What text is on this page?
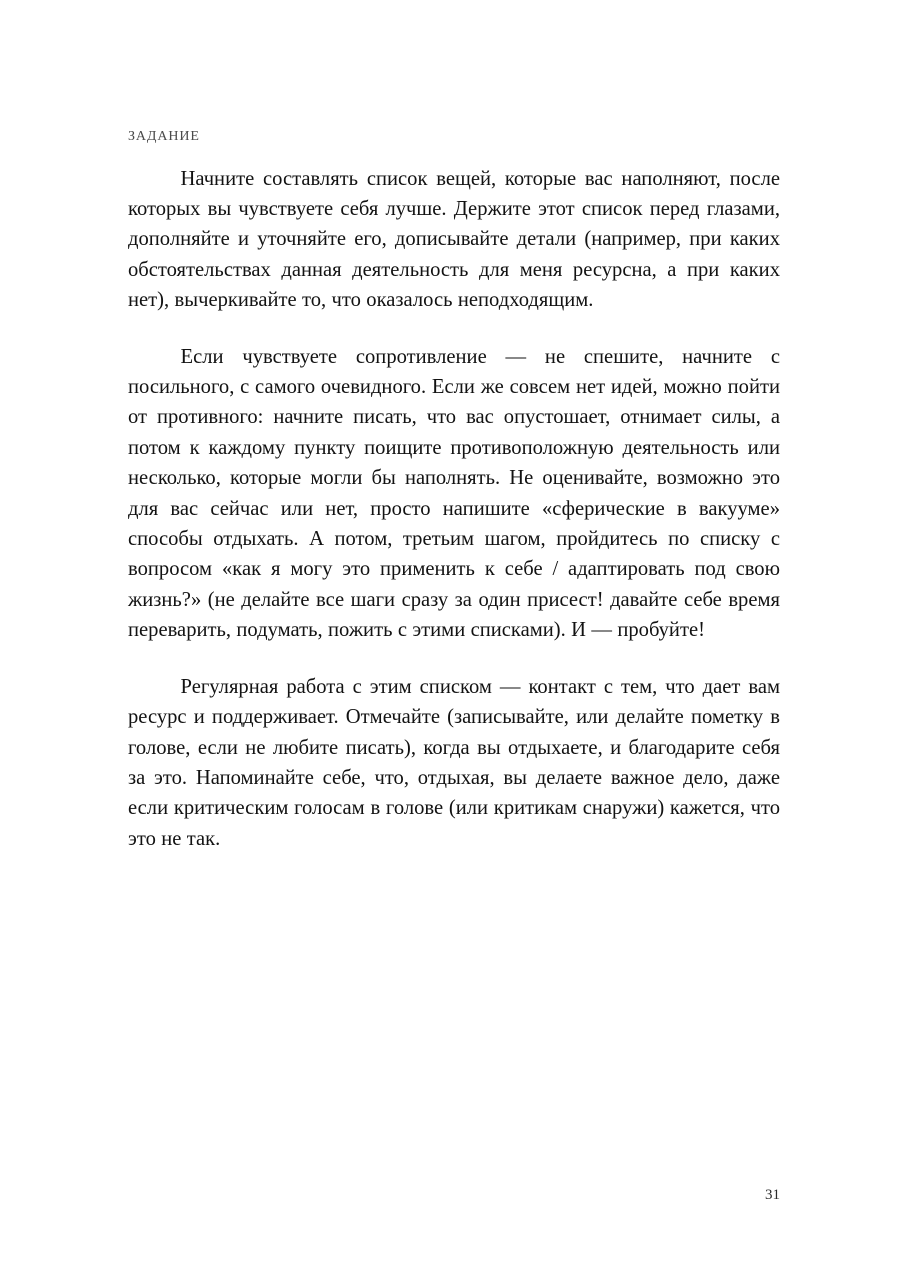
задание

Начните составлять список вещей, которые вас наполняют, после которых вы чувствуете себя лучше. Держите этот список перед глазами, дополняйте и уточняйте его, дописывайте детали (например, при каких обстоятельствах данная деятельность для меня ресурсна, а при каких нет), вычеркивайте то, что оказалось неподходящим.

Если чувствуете сопротивление — не спешите, начните с посильного, с самого очевидного. Если же совсем нет идей, можно пойти от противного: начните писать, что вас опустошает, отнимает силы, а потом к каждому пункту поищите противоположную деятельность или несколько, которые могли бы наполнять. Не оценивайте, возможно это для вас сейчас или нет, просто напишите «сферические в вакууме» способы отдыхать. А потом, третьим шагом, пройдитесь по списку с вопросом «как я могу это применить к себе / адаптировать под свою жизнь?» (не делайте все шаги сразу за один присест! давайте себе время переварить, подумать, пожить с этими списками). И — пробуйте!

Регулярная работа с этим списком — контакт с тем, что дает вам ресурс и поддерживает. Отмечайте (записывайте, или делайте пометку в голове, если не любите писать), когда вы отдыхаете, и благодарите себя за это. Напоминайте себе, что, отдыхая, вы делаете важное дело, даже если критическим голосам в голове (или критикам снаружи) кажется, что это не так.

31
